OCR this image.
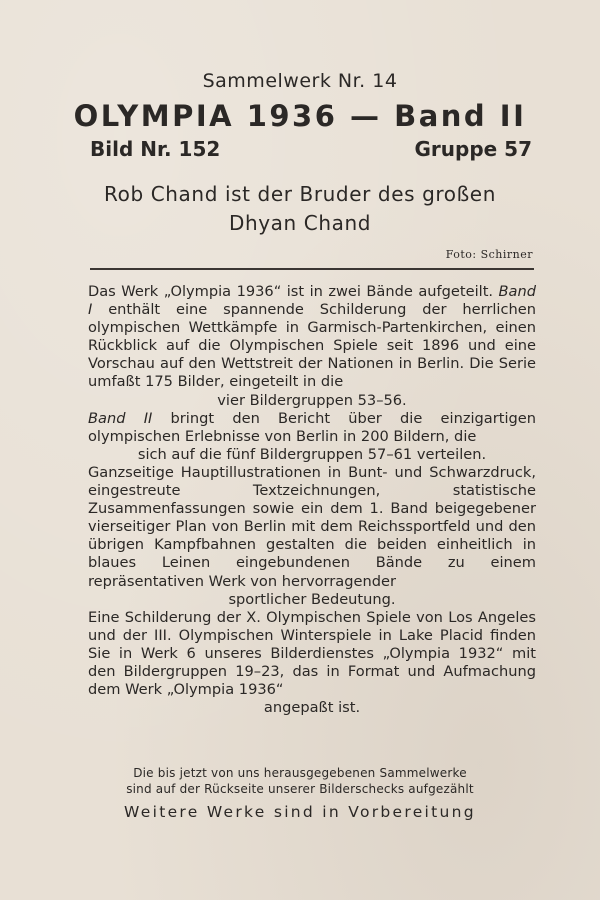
Sammelwerk Nr. 14
OLYMPIA 1936 — Band II
Bild Nr. 152	Gruppe 57
Rob Chand ist der Bruder des großen
Dhyan Chand
Foto: Schirner

Das Werk „Olympia 1936“ ist in zwei Bände aufgeteilt. Band I enthält eine spannende Schilderung der herrlichen olympischen Wettkämpfe in Garmisch-Partenkirchen, einen Rückblick auf die Olympischen Spiele seit 1896 und eine Vorschau auf den Wettstreit der Nationen in Berlin. Die Serie umfaßt 175 Bilder, eingeteilt in die

vier Bildergruppen 53–56.

Band II bringt den Bericht über die einzigartigen olympischen Erlebnisse von Berlin in 200 Bildern, die

sich auf die fünf Bildergruppen 57–61 verteilen.

Ganzseitige Hauptillustrationen in Bunt- und Schwarzdruck, eingestreute Textzeichnungen, statistische Zusammenfassungen sowie ein dem 1. Band beigegebener vierseitiger Plan von Berlin mit dem Reichssportfeld und den übrigen Kampfbahnen gestalten die beiden einheitlich in blaues Leinen eingebundenen Bände zu einem repräsentativen Werk von hervorragender

sportlicher Bedeutung.

Eine Schilderung der X. Olympischen Spiele von Los Angeles und der III. Olympischen Winterspiele in Lake Placid finden Sie in Werk 6 unseres Bilderdienstes „Olympia 1932“ mit den Bildergruppen 19–23, das in Format und Aufmachung dem Werk „Olympia 1936“

angepaßt ist.

Die bis jetzt von uns herausgegebenen Sammelwerke
sind auf der Rückseite unserer Bilderschecks aufgezählt
Weitere Werke sind in Vorbereitung
